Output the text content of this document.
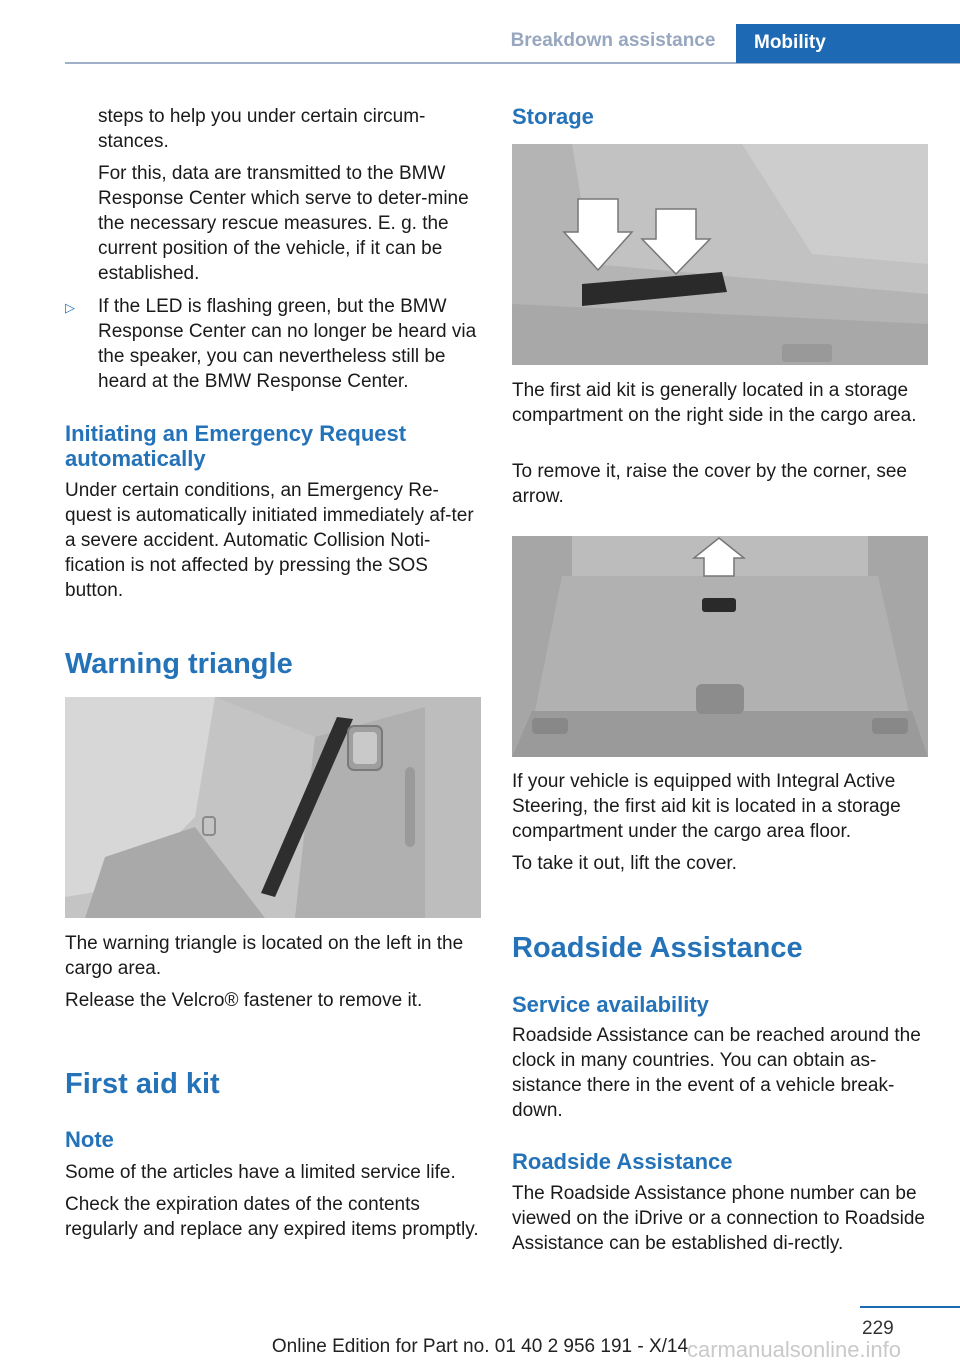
Breakdown assistance	Mobility

steps to help you under certain circum-stances.

For this, data are transmitted to the BMW Response Center which serve to deter-mine the necessary rescue measures. E. g. the current position of the vehicle, if it can be established.

▷ If the LED is flashing green, but the BMW Response Center can no longer be heard via the speaker, you can nevertheless still be heard at the BMW Response Center.

Initiating an Emergency Request automatically

Under certain conditions, an Emergency Re-quest is automatically initiated immediately af-ter a severe accident. Automatic Collision Noti-fication is not affected by pressing the SOS button.

Warning triangle

The warning triangle is located on the left in the cargo area.

Release the Velcro® fastener to remove it.

First aid kit
Note

Some of the articles have a limited service life.

Check the expiration dates of the contents regularly and replace any expired items promptly.

Storage

The first aid kit is generally located in a storage compartment on the right side in the cargo area.

To remove it, raise the cover by the corner, see arrow.

If your vehicle is equipped with Integral Active Steering, the first aid kit is located in a storage compartment under the cargo area floor.

To take it out, lift the cover.

Roadside Assistance
Service availability

Roadside Assistance can be reached around the clock in many countries. You can obtain as-sistance there in the event of a vehicle break-down.

Roadside Assistance

The Roadside Assistance phone number can be viewed on the iDrive or a connection to Roadside Assistance can be established di-rectly.

229
Online Edition for Part no. 01 40 2 956 191 - X/14
carmanualsonline.info
